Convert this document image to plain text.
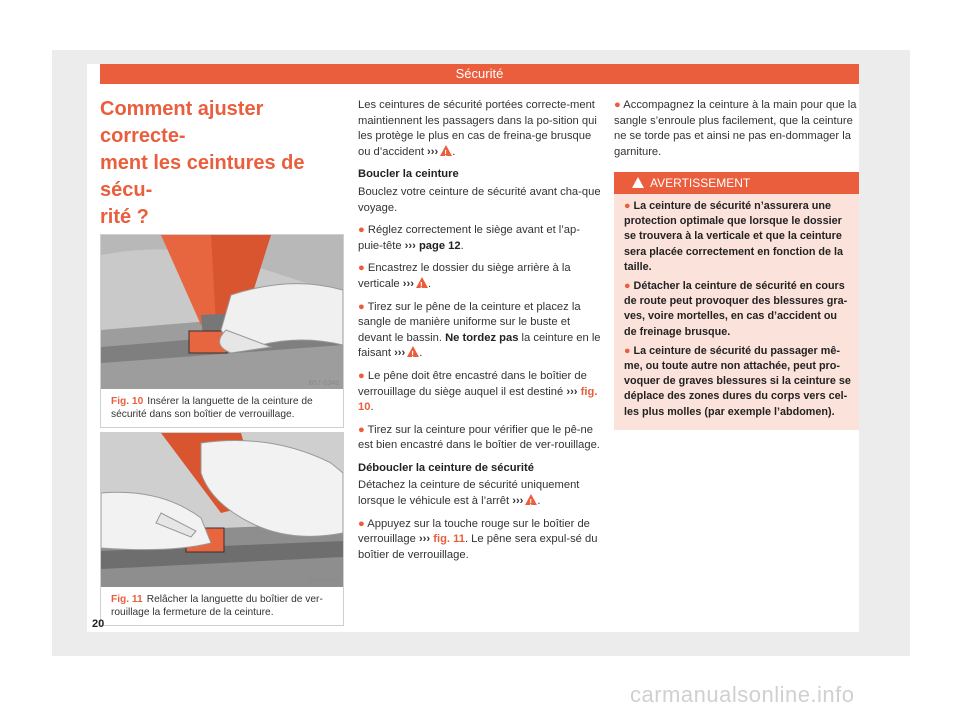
Sécurité
Comment ajuster correcte-
ment les ceintures de sécu-
rité ?

B57-0348
Fig. 10 Insérer la languette de la ceinture de sécurité dans son boîtier de verrouillage.
B57-0349
Fig. 11 Relâcher la languette du boîtier de ver-rouillage la fermeture de la ceinture.

Les ceintures de sécurité portées correcte-ment maintiennent les passagers dans la po-sition qui les protège le plus en cas de freina-ge brusque ou d’accident ››› ! .

Boucler la ceinture

Bouclez votre ceinture de sécurité avant cha-que voyage.

● Réglez correctement le siège avant et l’ap-puie-tête ››› page 12.

● Encastrez le dossier du siège arrière à la verticale ››› ! .

● Tirez sur le pêne de la ceinture et placez la sangle de manière uniforme sur le buste et devant le bassin. Ne tordez pas la ceinture en le faisant ››› ! .

● Le pêne doit être encastré dans le boîtier de verrouillage du siège auquel il est destiné ››› fig. 10.

● Tirez sur la ceinture pour vérifier que le pê-ne est bien encastré dans le boîtier de ver-rouillage.

Déboucler la ceinture de sécurité

Détachez la ceinture de sécurité uniquement lorsque le véhicule est à l’arrêt ››› ! .

● Appuyez sur la touche rouge sur le boîtier de verrouillage ››› fig. 11. Le pêne sera expul-sé du boîtier de verrouillage.

● Accompagnez la ceinture à la main pour que la sangle s’enroule plus facilement, que la ceinture ne se torde pas et ainsi ne pas en-dommager la garniture.

AVERTISSEMENT

● La ceinture de sécurité n’assurera une protection optimale que lorsque le dossier se trouvera à la verticale et que la ceinture sera placée correctement en fonction de la taille.

● Détacher la ceinture de sécurité en cours de route peut provoquer des blessures gra-ves, voire mortelles, en cas d’accident ou de freinage brusque.

● La ceinture de sécurité du passager mê-me, ou toute autre non attachée, peut pro-voquer de graves blessures si la ceinture se déplace des zones dures du corps vers cel-les plus molles (par exemple l’abdomen).

20
carmanualsonline.info
